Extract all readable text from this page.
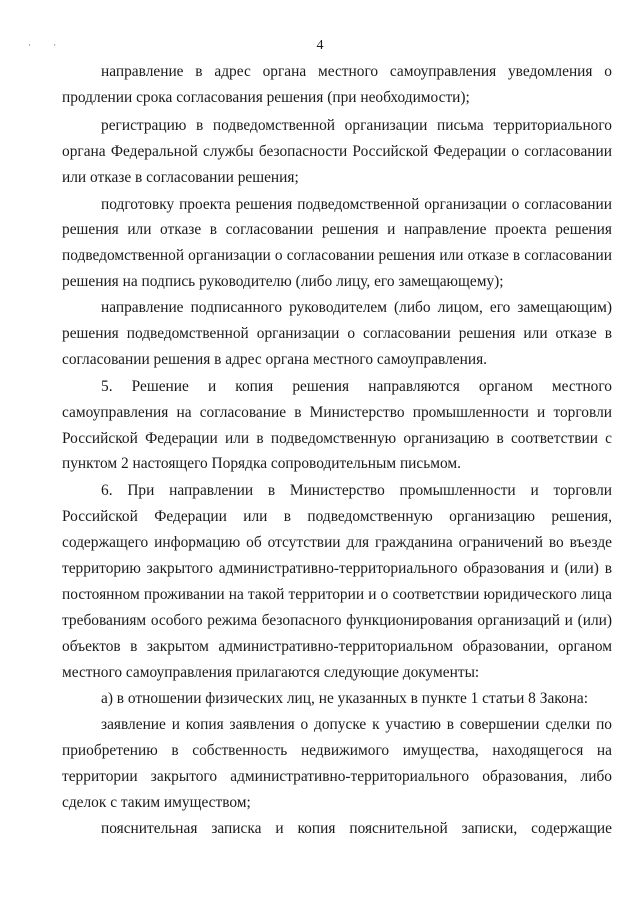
· ·	4
направление в адрес органа местного самоуправления уведомления о
продлении срока согласования решения (при необходимости);
регистрацию в подведомственной организации письма территориального
органа Федеральной службы безопасности Российской Федерации о согласовании
или отказе в согласовании решения;
подготовку проекта решения подведомственной организации о согласовании
решения или отказе в согласовании решения и направление проекта решения
подведомственной организации о согласовании решения или отказе в согласовании
решения на подпись руководителю (либо лицу, его замещающему);
направление подписанного руководителем (либо лицом, его замещающим)
решения подведомственной организации о согласовании решения или отказе в
согласовании решения в адрес органа местного самоуправления.
5. Решение и копия решения направляются органом местного
самоуправления на согласование в Министерство промышленности и торговли
Российской Федерации или в подведомственную организацию в соответствии с
пунктом 2 настоящего Порядка сопроводительным письмом.
6. При направлении в Министерство промышленности и торговли
Российской Федерации или в подведомственную организацию решения,
содержащего информацию об отсутствии для гражданина ограничений во въезде
территорию закрытого административно-территориального образования и (или) в
постоянном проживании на такой территории и о соответствии юридического лица
требованиям особого режима безопасного функционирования организаций и (или)
объектов в закрытом административно-территориальном образовании, органом
местного самоуправления прилагаются следующие документы:
а) в отношении физических лиц, не указанных в пункте 1 статьи 8 Закона:
заявление и копия заявления о допуске к участию в совершении сделки по
приобретению в собственность недвижимого имущества, находящегося на
территории закрытого административно-территориального образования, либо
сделок с таким имуществом;
пояснительная записка и копия пояснительной записки, содержащие
